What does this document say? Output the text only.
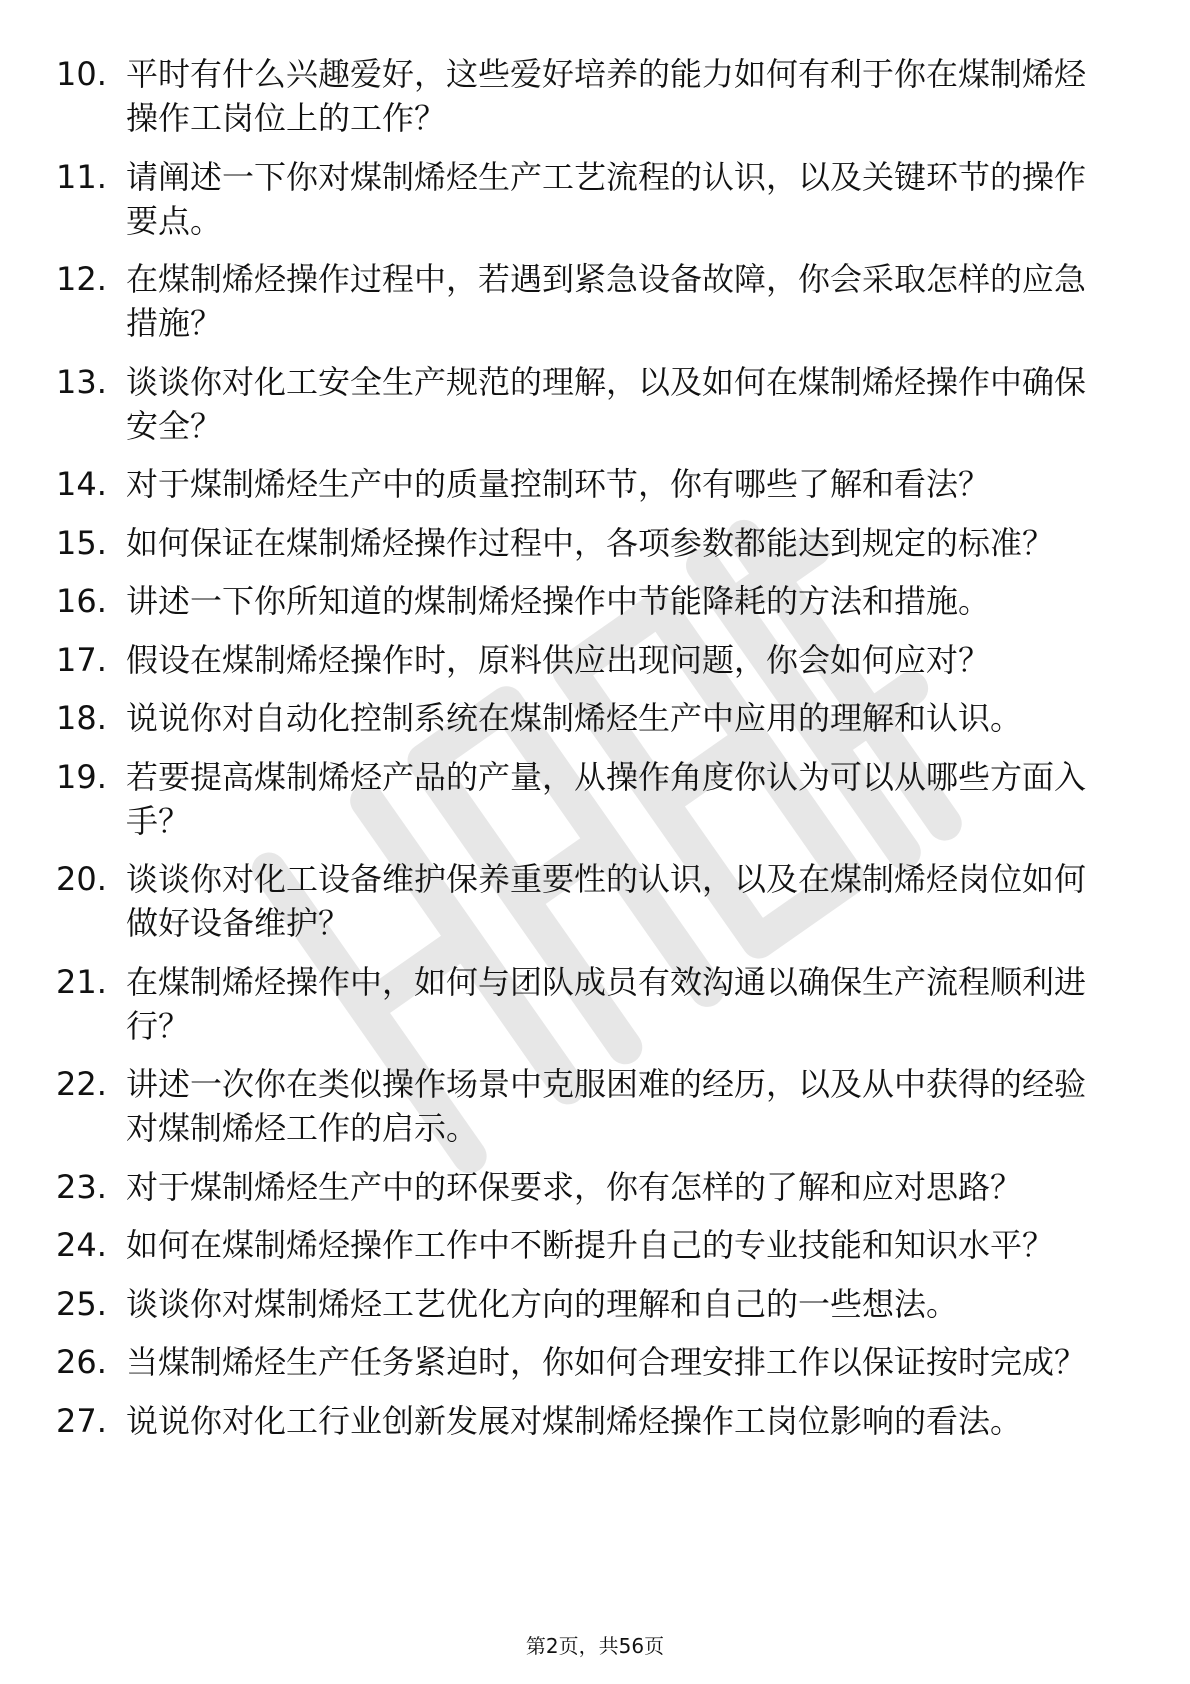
10. 平时有什么兴趣爱好，这些爱好培养的能力如何有利于你在煤制烯烃操作工岗位上的工作？
11. 请阐述一下你对煤制烯烃生产工艺流程的认识，以及关键环节的操作要点。
12. 在煤制烯烃操作过程中，若遇到紧急设备故障，你会采取怎样的应急措施？
13. 谈谈你对化工安全生产规范的理解，以及如何在煤制烯烃操作中确保安全？
14. 对于煤制烯烃生产中的质量控制环节，你有哪些了解和看法？
15. 如何保证在煤制烯烃操作过程中，各项参数都能达到规定的标准？
16. 讲述一下你所知道的煤制烯烃操作中节能降耗的方法和措施。
17. 假设在煤制烯烃操作时，原料供应出现问题，你会如何应对？
18. 说说你对自动化控制系统在煤制烯烃生产中应用的理解和认识。
19. 若要提高煤制烯烃产品的产量，从操作角度你认为可以从哪些方面入手？
20. 谈谈你对化工设备维护保养重要性的认识，以及在煤制烯烃岗位如何做好设备维护？
21. 在煤制烯烃操作中，如何与团队成员有效沟通以确保生产流程顺利进行？
22. 讲述一次你在类似操作场景中克服困难的经历，以及从中获得的经验对煤制烯烃工作的启示。
23. 对于煤制烯烃生产中的环保要求，你有怎样的了解和应对思路？
24. 如何在煤制烯烃操作工作中不断提升自己的专业技能和知识水平？
25. 谈谈你对煤制烯烃工艺优化方向的理解和自己的一些想法。
26. 当煤制烯烃生产任务紧迫时，你如何合理安排工作以保证按时完成？
27. 说说你对化工行业创新发展对煤制烯烃操作工岗位影响的看法。
第2页，共56页
